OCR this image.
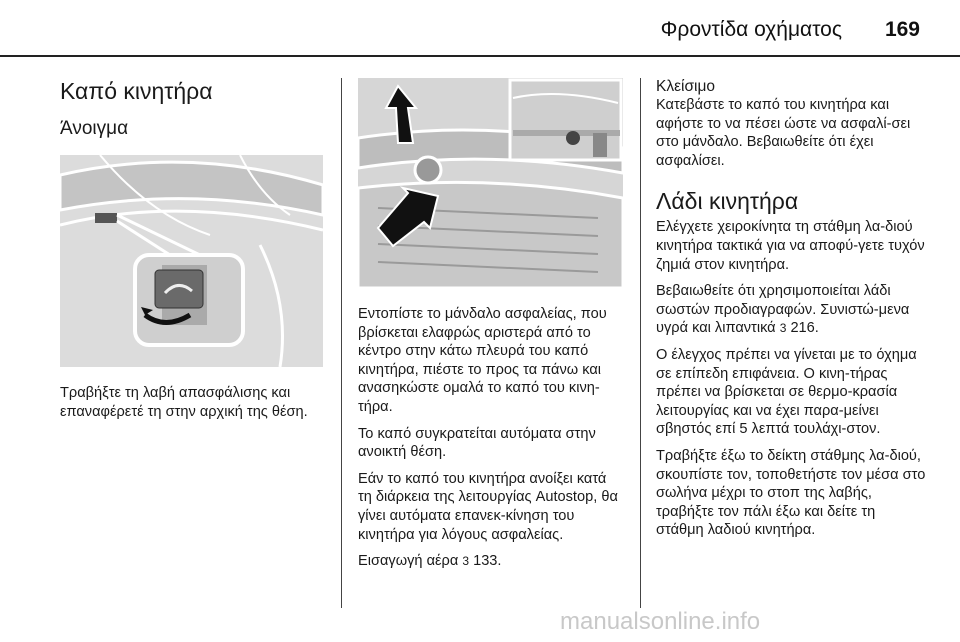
Φροντίδα οχήματος 169
Καπό κινητήρα
Άνοιγμα

Τραβήξτε τη λαβή απασφάλισης και επαναφέρετέ τη στην αρχική της θέση.

Εντοπίστε το μάνδαλο ασφαλείας, που βρίσκεται ελαφρώς αριστερά από το κέντρο στην κάτω πλευρά του καπό κινητήρα, πιέστε το προς τα πάνω και ανασηκώστε ομαλά το καπό του κινη-τήρα.

Το καπό συγκρατείται αυτόματα στην ανοικτή θέση.

Εάν το καπό του κινητήρα ανοίξει κατά τη διάρκεια της λειτουργίας Autostop, θα γίνει αυτόματα επανεκ-κίνηση του κινητήρα για λόγους ασφαλείας.

Εισαγωγή αέρα 3 133.

Κλείσιμο

Κατεβάστε το καπό του κινητήρα και αφήστε το να πέσει ώστε να ασφαλί-σει στο μάνδαλο. Βεβαιωθείτε ότι έχει ασφαλίσει.

Λάδι κινητήρα

Ελέγχετε χειροκίνητα τη στάθμη λα-διού κινητήρα τακτικά για να αποφύ-γετε τυχόν ζημιά στον κινητήρα.

Βεβαιωθείτε ότι χρησιμοποιείται λάδι σωστών προδιαγραφών. Συνιστώ-μενα υγρά και λιπαντικά 3 216.

Ο έλεγχος πρέπει να γίνεται με το όχημα σε επίπεδη επιφάνεια. Ο κινη-τήρας πρέπει να βρίσκεται σε θερμο-κρασία λειτουργίας και να έχει παρα-μείνει σβηστός επί 5 λεπτά τουλάχι-στον.

Τραβήξτε έξω το δείκτη στάθμης λα-διού, σκουπίστε τον, τοποθετήστε τον μέσα στο σωλήνα μέχρι το στοπ της λαβής, τραβήξτε τον πάλι έξω και δείτε τη στάθμη λαδιού κινητήρα.

manualsonline.info
